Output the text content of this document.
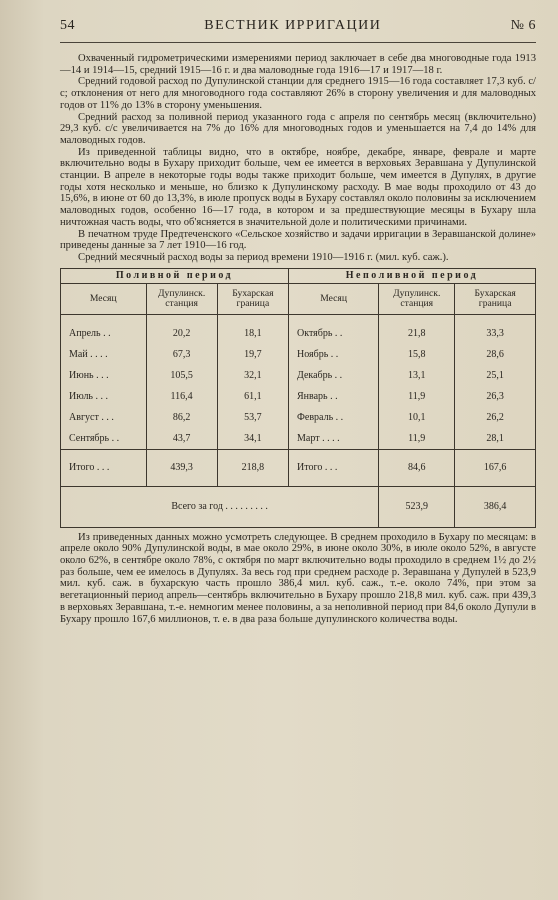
54	ВЕСТНИК ИРРИГАЦИИ	№ 6

Охваченный гидрометрическими измерениями период заключает в себе два многоводные года 1913—14 и 1914—15, средний 1915—16 г. и два маловодные года 1916—17 и 1917—18 г.

Средний годовой расход по Дупулинской станции для среднего 1915—16 года составляет 17,3 куб. с/с; отклонения от него для многоводного года составляют 26% в сторону увеличения и для маловодных годов от 11% до 13% в сторону уменьшения.

Средний расход за поливной период указанного года с апреля по сентябрь месяц (включительно) 29,3 куб. с/с увеличивается на 7% до 16% для многоводных годов и уменьшается на 7,4 до 14% для маловодных годов.

Из приведенной таблицы видно, что в октябре, ноябре, декабре, январе, феврале и марте включительно воды в Бухару приходит больше, чем ее имеется в верховьях Зеравшана у Дупулинской станции. В апреле в некоторые годы воды также приходит больше, чем имеется в Дупулях, в другие годы хотя несколько и меньше, но близко к Дупулинскому расходу. В мае воды проходило от 43 до 15,6%, в июне от 60 до 13,3%, в июле пропуск воды в Бухару составлял около половины за исключением маловодных годов, особенно 16—17 года, в котором и за предшествующие месяцы в Бухару шла ничтожная часть воды, что об'ясняется в значительной доле и политическими причинами.

В печатном труде Предтеченского «Сельское хозяйство и задачи ирригации в Зеравшанской долине» приведены данные за 7 лет 1910—16 год.

Средний месячный расход воды за период времени 1910—1916 г. (мил. куб. саж.).

Поливной период			Неполивной период		
Месяц	Дупулинск. станция	Бухарская граница	Месяц	Дупулинск. станция	Бухарская граница
Апрель . .	20,2	18,1	Октябрь . .	21,8	33,3
Май . . . .	67,3	19,7	Ноябрь . .	15,8	28,6
Июнь . . .	105,5	32,1	Декабрь . .	13,1	25,1
Июль . . .	116,4	61,1	Январь . .	11,9	26,3
Август . . .	86,2	53,7	Февраль . .	10,1	26,2
Сентябрь . .	43,7	34,1	Март . . . .	11,9	28,1
Итого . . .	439,3	218,8	Итого . . .	84,6	167,6
Всего за год . . . . . . . . .				523,9	386,4

Из приведенных данных можно усмотреть следующее. В среднем проходило в Бухару по месяцам: в апреле около 90% Дупулинской воды, в мае около 29%, в июне около 30%, в июле около 52%, в августе около 62%, в сентябре около 78%, с октября по март включительно воды проходило в среднем 1½ до 2½ раз больше, чем ее имелось в Дупулях. За весь год при среднем расходе р. Зеравшана у Дупулей в 523,9 мил. куб. саж. в бухарскую часть прошло 386,4 мил. куб. саж., т.-е. около 74%, при этом за вегетационный период апрель—сентябрь включительно в Бухару прошло 218,8 мил. куб. саж. при 439,3 в верховьях Зеравшана, т.-е. немногим менее половины, а за неполивной период при 84,6 около Дупули в Бухару прошло 167,6 миллионов, т. е. в два раза больше дупулинского количества воды.
